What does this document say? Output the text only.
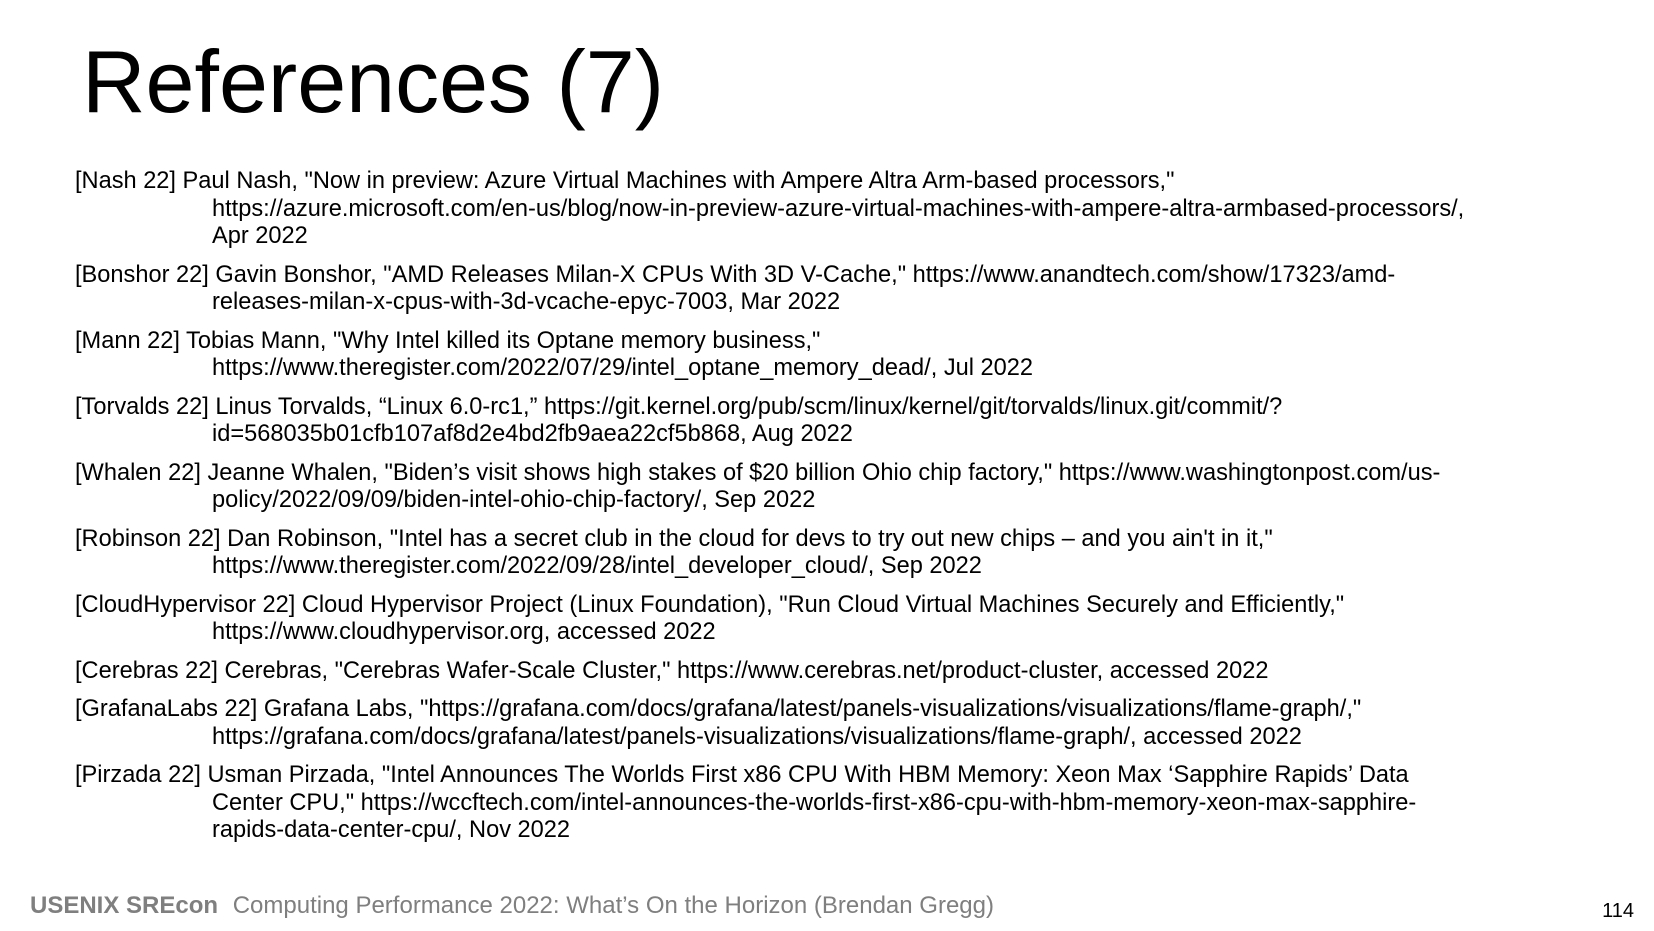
References (7)
[Nash 22] Paul Nash, "Now in preview: Azure Virtual Machines with Ampere Altra Arm-based processors,"
https://azure.microsoft.com/en-us/blog/now-in-preview-azure-virtual-machines-with-ampere-altra-armbased-processors/,
Apr 2022
[Bonshor 22] Gavin Bonshor, "AMD Releases Milan-X CPUs With 3D V-Cache," https://www.anandtech.com/show/17323/amd-
releases-milan-x-cpus-with-3d-vcache-epyc-7003, Mar 2022
[Mann 22] Tobias Mann, "Why Intel killed its Optane memory business,"
https://www.theregister.com/2022/07/29/intel_optane_memory_dead/, Jul 2022
[Torvalds 22] Linus Torvalds, “Linux 6.0-rc1,” https://git.kernel.org/pub/scm/linux/kernel/git/torvalds/linux.git/commit/?
id=568035b01cfb107af8d2e4bd2fb9aea22cf5b868, Aug 2022
[Whalen 22] Jeanne Whalen, "Biden’s visit shows high stakes of $20 billion Ohio chip factory," https://www.washingtonpost.com/us-
policy/2022/09/09/biden-intel-ohio-chip-factory/, Sep 2022
[Robinson 22] Dan Robinson, "Intel has a secret club in the cloud for devs to try out new chips – and you ain't in it,"
https://www.theregister.com/2022/09/28/intel_developer_cloud/, Sep 2022
[CloudHypervisor 22] Cloud Hypervisor Project (Linux Foundation), "Run Cloud Virtual Machines Securely and Efficiently,"
https://www.cloudhypervisor.org, accessed 2022
[Cerebras 22] Cerebras, "Cerebras Wafer-Scale Cluster," https://www.cerebras.net/product-cluster, accessed 2022
[GrafanaLabs 22] Grafana Labs, "https://grafana.com/docs/grafana/latest/panels-visualizations/visualizations/flame-graph/,"
https://grafana.com/docs/grafana/latest/panels-visualizations/visualizations/flame-graph/, accessed 2022
[Pirzada 22] Usman Pirzada, "Intel Announces The Worlds First x86 CPU With HBM Memory: Xeon Max ‘Sapphire Rapids’ Data
Center CPU," https://wccftech.com/intel-announces-the-worlds-first-x86-cpu-with-hbm-memory-xeon-max-sapphire-
rapids-data-center-cpu/, Nov 2022
USENIX SREcon Computing Performance 2022: What’s On the Horizon (Brendan Gregg)	114
